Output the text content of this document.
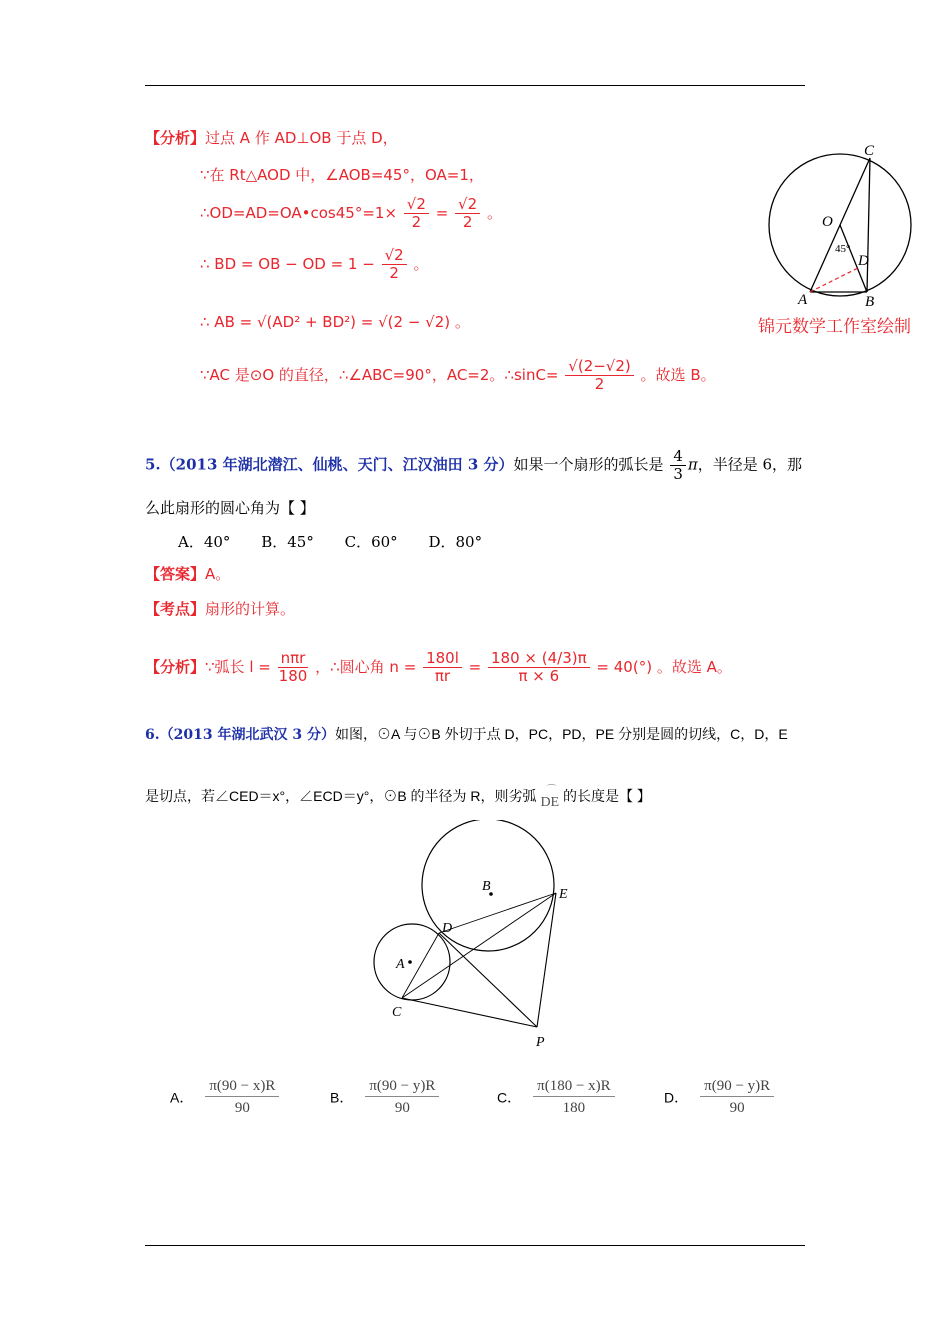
【分析】过点 A 作 AD⊥OB 于点 D，
∵在 Rt△AOD 中，∠AOB=45°，OA=1，
∴OD=AD=OA•cos45°=1× $\frac{√2}{2} = \frac{√2}{2}$ 。
∴ BD = OB − OD = $1 - \frac{√2}{2}$ 。
∴ AB = √(AD² + BD²) = √(2 − √2) 。
∵AC 是⊙O 的直径，∴∠ABC=90°，AC=2。∴sinC= $\frac{√(2-√2)}{2}$ 。故选 B。
C
O
45°
D
A	B
锦元数学工作室绘制
5.（2013 年湖北潜江、仙桃、天门、江汉油田 3 分）如果一个扇形的弧长是 $\frac{4}{3}$ π，半径是 6，那
么此扇形的圆心角为【 】
A．40° B．45° C．60° D．80°
【答案】A。
【考点】扇形的计算。
【分析】∵弧长 $l = \frac{\text{nπr}}{180}$ ，∴圆心角 $n = \frac{180l}{\pi r} = \frac{180 \times (4/3)\pi}{\pi \times 6} = 40(^\circ)$ 。故选 A。
6.（2013 年湖北武汉 3 分）如图，⊙A 与⊙B 外切于点 D，PC，PD，PE 分别是圆的切线，C，D，E
是切点，若∠CED＝x°，∠ECD＝y°，⊙B 的半径为 R，则劣弧 ⌒
DE 的长度是【 】
B
E
D
A
C
P
A． $\frac{\pi(90 - x)R}{90}$	B． $\frac{\pi(90 - y)R}{90}$	C． $\frac{\pi(180 - x)R}{180}$	D． $\frac{\pi(90 - y)R}{90}$
